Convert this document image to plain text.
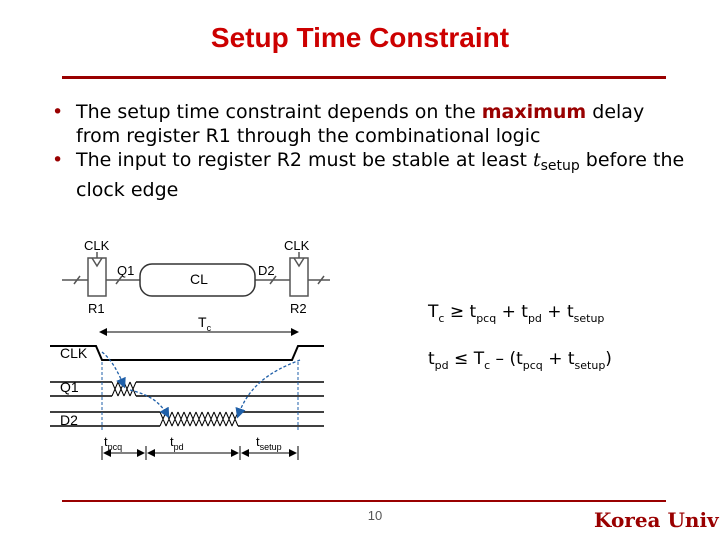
Setup Time Constraint
• The setup time constraint depends on the maximum delay from register R1 through the combinational logic
• The input to register R2 must be stable at least $t_{setup}$ before the clock edge
CLK	CLK
Q1	D2
R1	R2
CL
$T_c$
CLK
Q1
D2
$t_{pcq}$	$t_{pd}$	$t_{setup}$
$T_c \ge t_{pcq} + t_{pd} + t_{setup}$
$t_{pd} \le T_c - (t_{pcq} + t_{setup})$
10	Korea Univ
